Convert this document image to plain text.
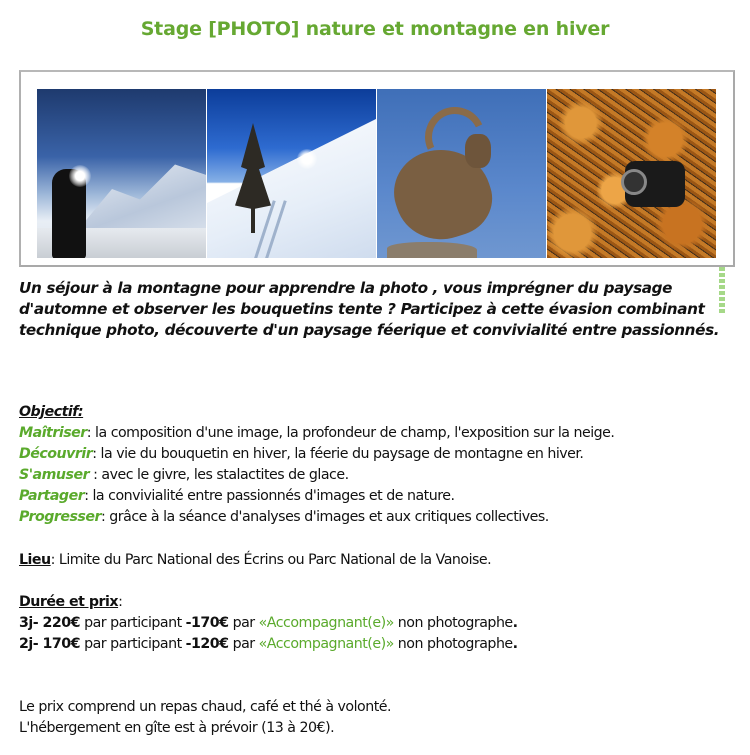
Stage [PHOTO] nature et montagne en hiver

Un séjour à la montagne pour apprendre la photo , vous imprégner du paysage d'automne et observer les bouquetins tente ? Participez à cette évasion combinant technique photo, découverte d'un paysage féerique et convivialité entre passionnés.

Objectif:
Maîtriser: la composition d'une image, la profondeur de champ, l'exposition sur la neige.
Découvrir: la vie du bouquetin en hiver, la féerie du paysage de montagne en hiver.
S'amuser : avec le givre, les stalactites de glace.
Partager: la convivialité entre passionnés d'images et de nature.
Progresser: grâce à la séance d'analyses d'images et aux critiques collectives.
Lieu: Limite du Parc National des Écrins ou Parc National de la Vanoise.
Durée et prix:
3j- 220€ par participant -170€ par «Accompagnant(e)» non photographe.
2j- 170€ par participant -120€ par «Accompagnant(e)» non photographe.
Le prix comprend un repas chaud, café et thé à volonté.
L'hébergement en gîte est à prévoir (13 à 20€).
